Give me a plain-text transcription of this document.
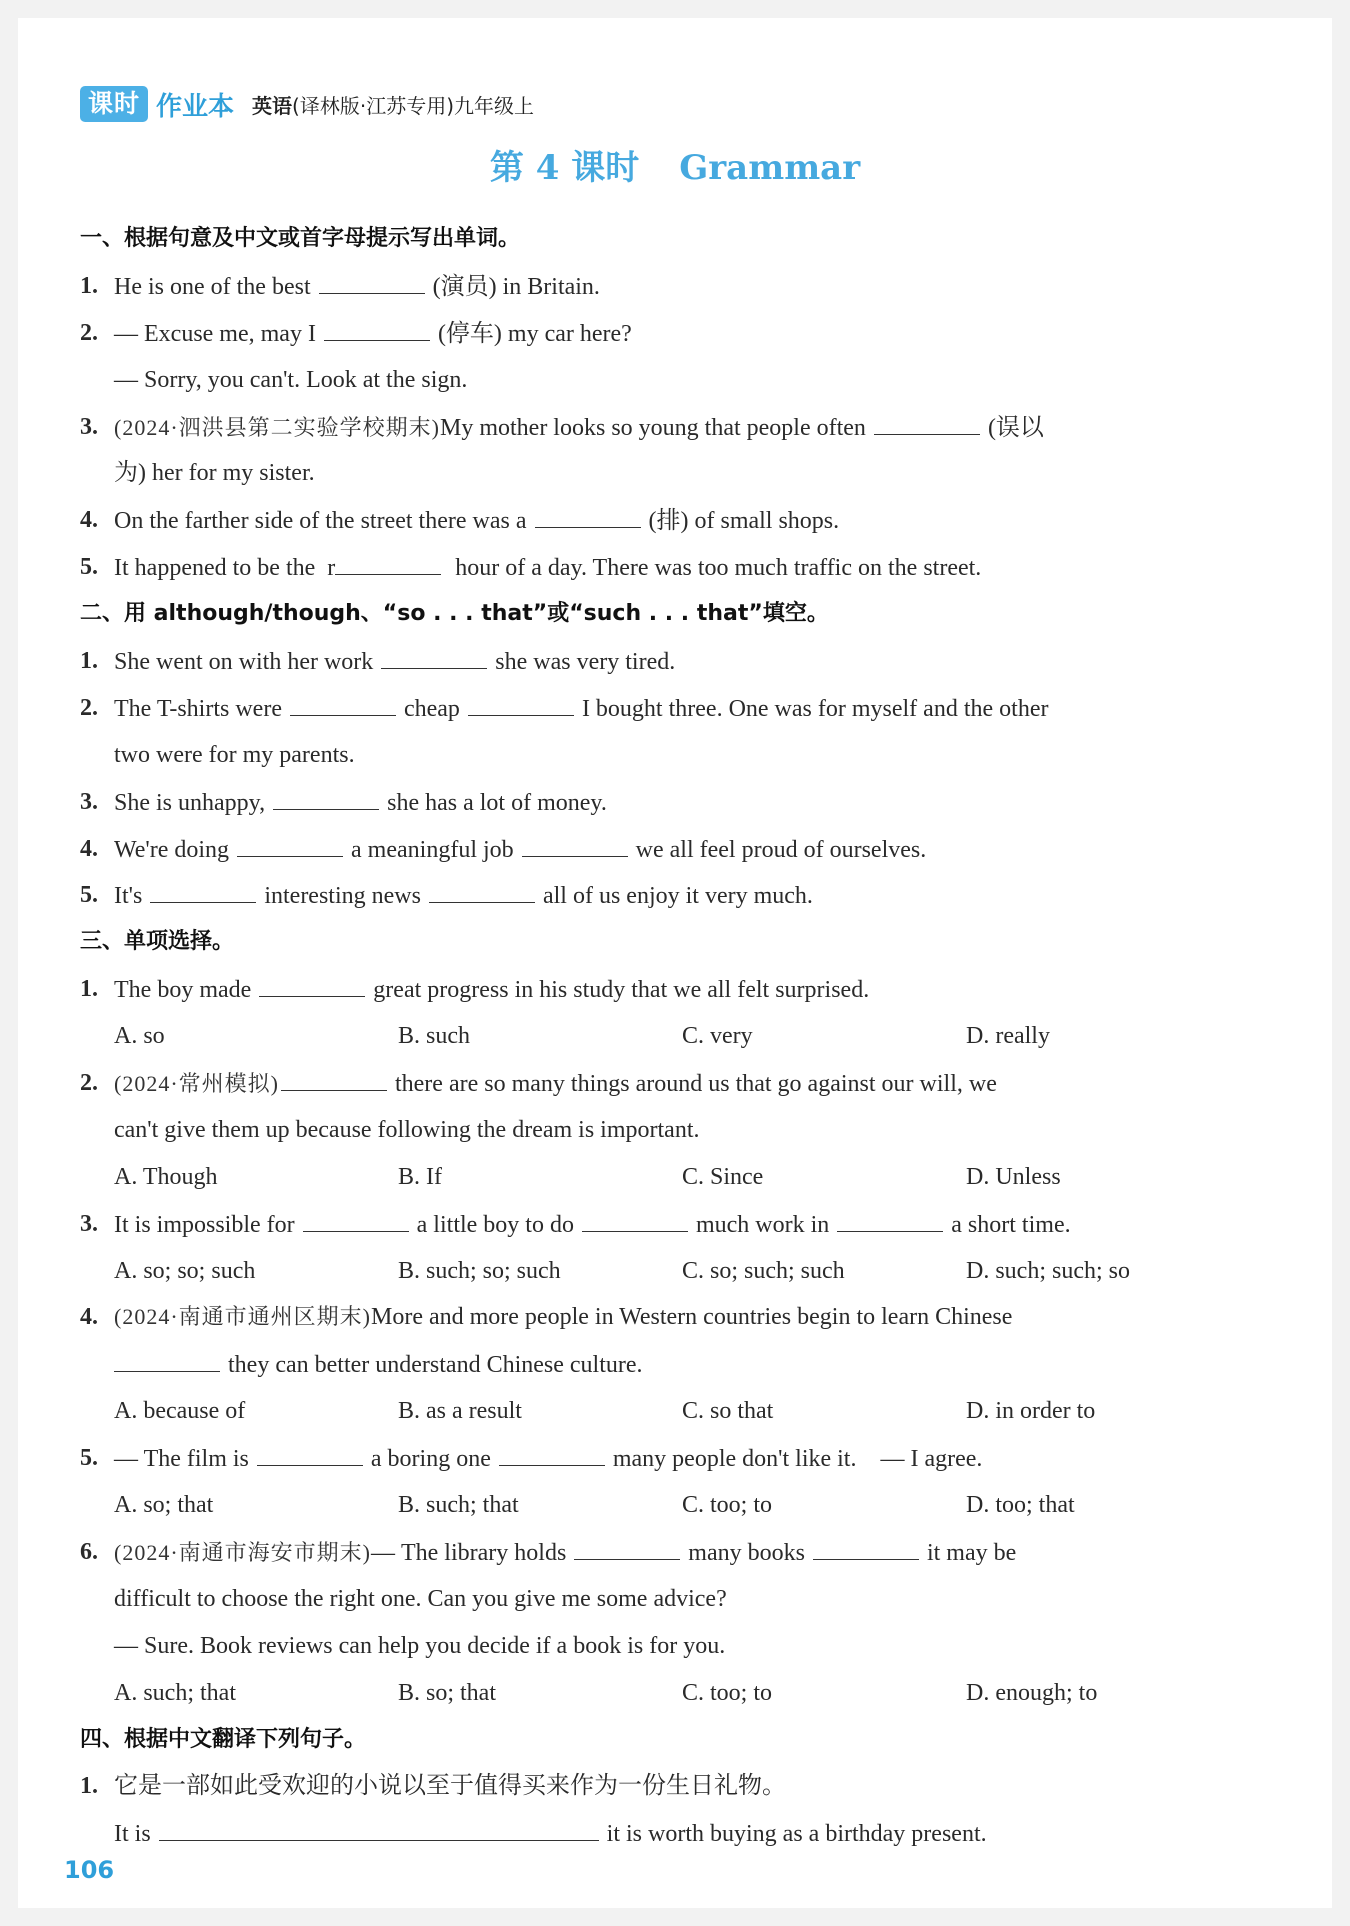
课时 作业本 英语(译林版·江苏专用)九年级上
第 4 课时 Grammar
一、根据句意及中文或首字母提示写出单词。
1. He is one of the best	(演员) in Britain.
2. — Excuse me, may I	(停车) my car here?
— Sorry, you can't. Look at the sign.
3. (2024·泗洪县第二实验学校期末)My mother looks so young that people often	(误以
为) her for my sister.
4. On the farther side of the street there was a	(排) of small shops.
5. It happened to be the  r	hour of a day. There was too much traffic on the street.
二、用 although/though、“so . . . that”或“such . . . that”填空。
1. She went on with her work	she was very tired.
2. The T-shirts were	cheap	I bought three. One was for myself and the other
two were for my parents.
3. She is unhappy,	she has a lot of money.
4. We're doing	a meaningful job	we all feel proud of ourselves.
5. It's	interesting news	all of us enjoy it very much.
三、单项选择。
1. The boy made	great progress in his study that we all felt surprised.
A. so	B. such	C. very	D. really
2. (2024·常州模拟)	there are so many things around us that go against our will, we
can't give them up because following the dream is important.
A. Though	B. If	C. Since	D. Unless
3. It is impossible for	a little boy to do	much work in	a short time.
A. so; so; such	B. such; so; such	C. so; such; such	D. such; such; so
4. (2024·南通市通州区期末)More and more people in Western countries begin to learn Chinese
they can better understand Chinese culture.
A. because of	B. as a result	C. so that	D. in order to
5. — The film is	a boring one	many people don't like it.    — I agree.
A. so; that	B. such; that	C. too; to	D. too; that
6. (2024·南通市海安市期末)— The library holds	many books	it may be
difficult to choose the right one. Can you give me some advice?
— Sure. Book reviews can help you decide if a book is for you.
A. such; that	B. so; that	C. too; to	D. enough; to
四、根据中文翻译下列句子。
1. 它是一部如此受欢迎的小说以至于值得买来作为一份生日礼物。
It is	it is worth buying as a birthday present.
106
